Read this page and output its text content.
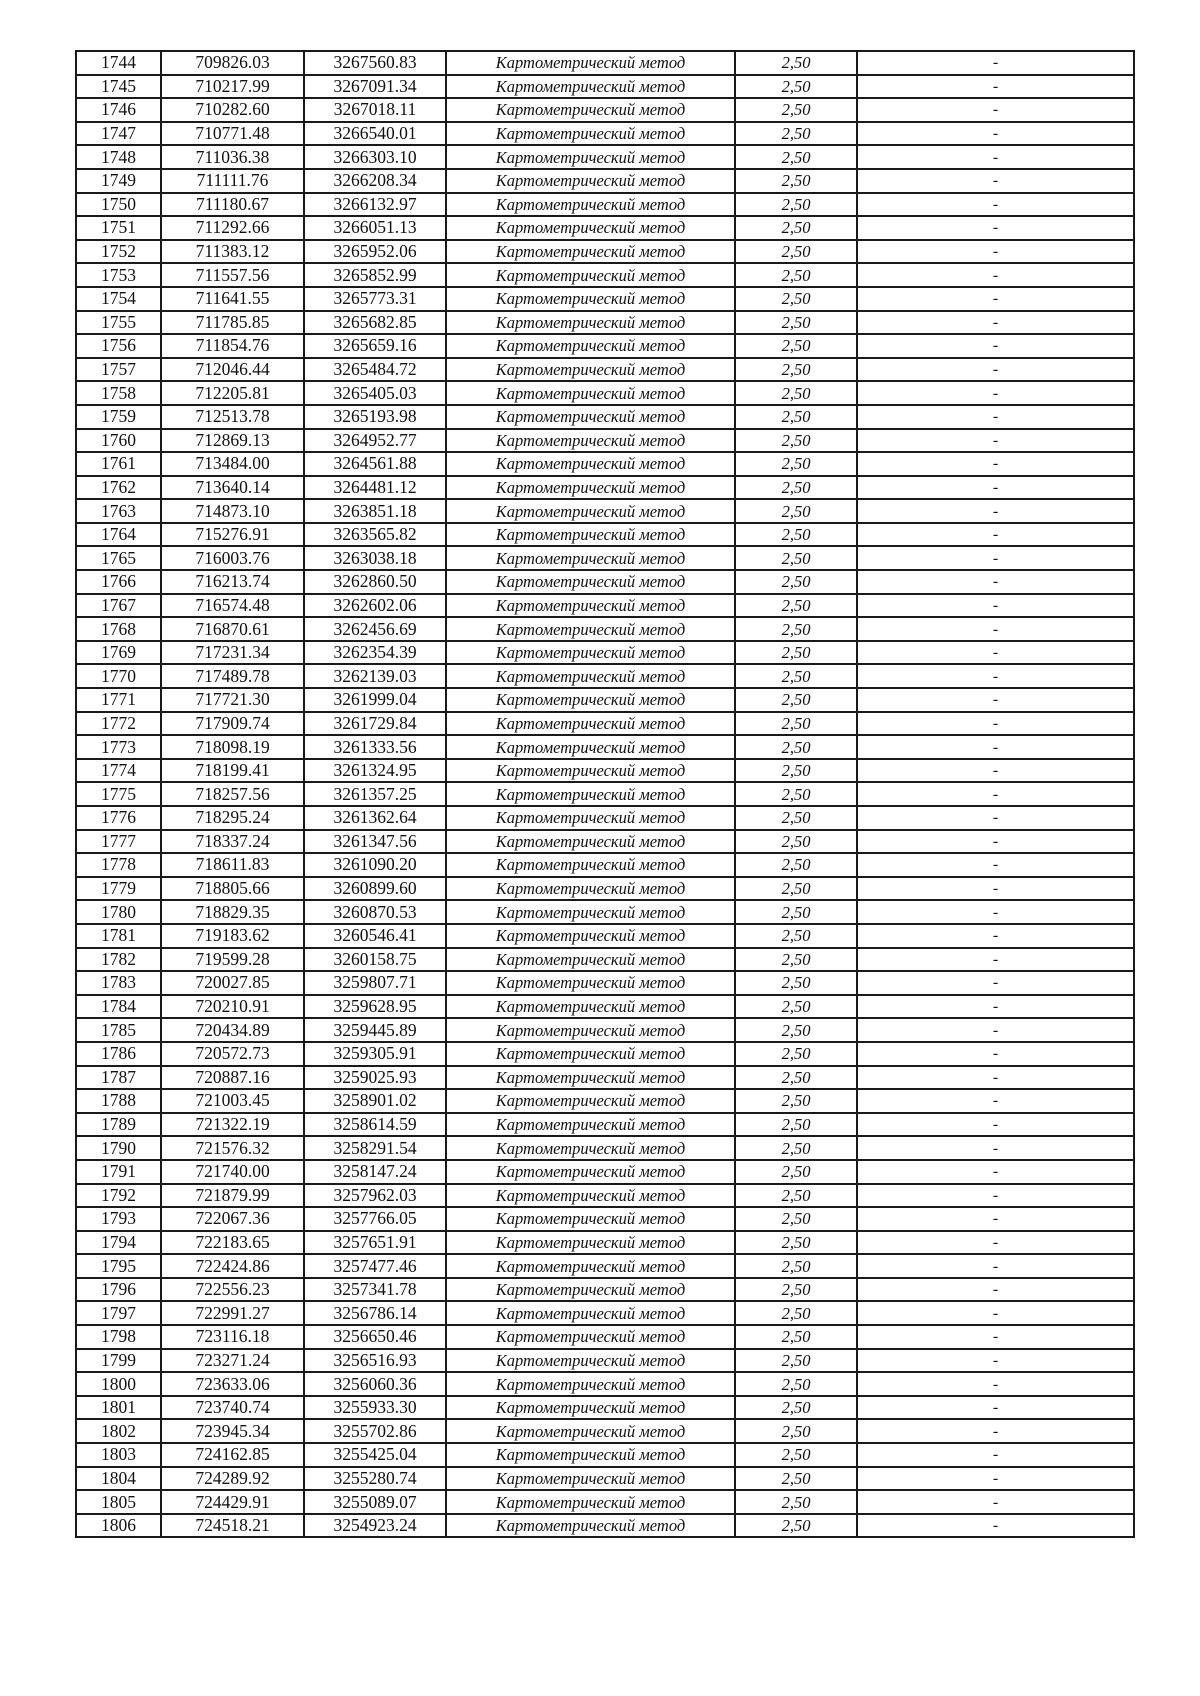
1744	709826.03	3267560.83	Картометрический метод	2,50	-
1745	710217.99	3267091.34	Картометрический метод	2,50	-
1746	710282.60	3267018.11	Картометрический метод	2,50	-
1747	710771.48	3266540.01	Картометрический метод	2,50	-
1748	711036.38	3266303.10	Картометрический метод	2,50	-
1749	711111.76	3266208.34	Картометрический метод	2,50	-
1750	711180.67	3266132.97	Картометрический метод	2,50	-
1751	711292.66	3266051.13	Картометрический метод	2,50	-
1752	711383.12	3265952.06	Картометрический метод	2,50	-
1753	711557.56	3265852.99	Картометрический метод	2,50	-
1754	711641.55	3265773.31	Картометрический метод	2,50	-
1755	711785.85	3265682.85	Картометрический метод	2,50	-
1756	711854.76	3265659.16	Картометрический метод	2,50	-
1757	712046.44	3265484.72	Картометрический метод	2,50	-
1758	712205.81	3265405.03	Картометрический метод	2,50	-
1759	712513.78	3265193.98	Картометрический метод	2,50	-
1760	712869.13	3264952.77	Картометрический метод	2,50	-
1761	713484.00	3264561.88	Картометрический метод	2,50	-
1762	713640.14	3264481.12	Картометрический метод	2,50	-
1763	714873.10	3263851.18	Картометрический метод	2,50	-
1764	715276.91	3263565.82	Картометрический метод	2,50	-
1765	716003.76	3263038.18	Картометрический метод	2,50	-
1766	716213.74	3262860.50	Картометрический метод	2,50	-
1767	716574.48	3262602.06	Картометрический метод	2,50	-
1768	716870.61	3262456.69	Картометрический метод	2,50	-
1769	717231.34	3262354.39	Картометрический метод	2,50	-
1770	717489.78	3262139.03	Картометрический метод	2,50	-
1771	717721.30	3261999.04	Картометрический метод	2,50	-
1772	717909.74	3261729.84	Картометрический метод	2,50	-
1773	718098.19	3261333.56	Картометрический метод	2,50	-
1774	718199.41	3261324.95	Картометрический метод	2,50	-
1775	718257.56	3261357.25	Картометрический метод	2,50	-
1776	718295.24	3261362.64	Картометрический метод	2,50	-
1777	718337.24	3261347.56	Картометрический метод	2,50	-
1778	718611.83	3261090.20	Картометрический метод	2,50	-
1779	718805.66	3260899.60	Картометрический метод	2,50	-
1780	718829.35	3260870.53	Картометрический метод	2,50	-
1781	719183.62	3260546.41	Картометрический метод	2,50	-
1782	719599.28	3260158.75	Картометрический метод	2,50	-
1783	720027.85	3259807.71	Картометрический метод	2,50	-
1784	720210.91	3259628.95	Картометрический метод	2,50	-
1785	720434.89	3259445.89	Картометрический метод	2,50	-
1786	720572.73	3259305.91	Картометрический метод	2,50	-
1787	720887.16	3259025.93	Картометрический метод	2,50	-
1788	721003.45	3258901.02	Картометрический метод	2,50	-
1789	721322.19	3258614.59	Картометрический метод	2,50	-
1790	721576.32	3258291.54	Картометрический метод	2,50	-
1791	721740.00	3258147.24	Картометрический метод	2,50	-
1792	721879.99	3257962.03	Картометрический метод	2,50	-
1793	722067.36	3257766.05	Картометрический метод	2,50	-
1794	722183.65	3257651.91	Картометрический метод	2,50	-
1795	722424.86	3257477.46	Картометрический метод	2,50	-
1796	722556.23	3257341.78	Картометрический метод	2,50	-
1797	722991.27	3256786.14	Картометрический метод	2,50	-
1798	723116.18	3256650.46	Картометрический метод	2,50	-
1799	723271.24	3256516.93	Картометрический метод	2,50	-
1800	723633.06	3256060.36	Картометрический метод	2,50	-
1801	723740.74	3255933.30	Картометрический метод	2,50	-
1802	723945.34	3255702.86	Картометрический метод	2,50	-
1803	724162.85	3255425.04	Картометрический метод	2,50	-
1804	724289.92	3255280.74	Картометрический метод	2,50	-
1805	724429.91	3255089.07	Картометрический метод	2,50	-
1806	724518.21	3254923.24	Картометрический метод	2,50	-
